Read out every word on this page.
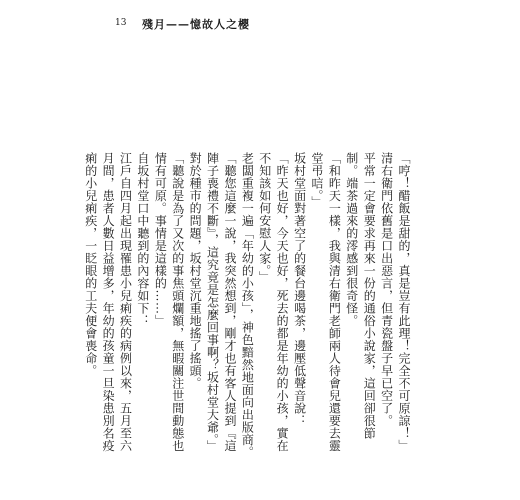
13 殘月——憶故人之櫻

「哼！醋飯是甜的，真是豈有此理！完全不可原諒！」

清右衛門依舊是口出惡言，但青瓷盤子早已空了。

平常一定會要求再來一份的通俗小說家，這回卻很節制。端茶過來的澪感到很奇怪。

「和昨天一樣，我與清右衛門老師兩人待會兒還要去靈堂弔唁。」

坂村堂面對著空了的餐台邊喝茶，邊壓低聲音說：

「昨天也好，今天也好，死去的都是年幼的小孩，實在不知該如何安慰人家。」

老闆重複一遍「年幼的小孩」，神色黯然地面向出版商。

「聽您這麼一說，我突然想到，剛才也有客人提到『這陣子喪禮不斷』，這究竟是怎麼回事啊？坂村堂大爺。」

對於種市的問題，坂村堂沉重地搖了搖頭。

「聽說是為了又次的事焦頭爛額，無暇關注世間動態也情有可原。事情是這樣的……」

自坂村堂口中聽到的內容如下：

江戶自四月起出現罹患小兒痢疾的病例以來，五月至六月間，患者人數日益增多，年幼的孩童一旦染患別名疫痢的小兒痢疾，一眨眼的工夫便會喪命。
